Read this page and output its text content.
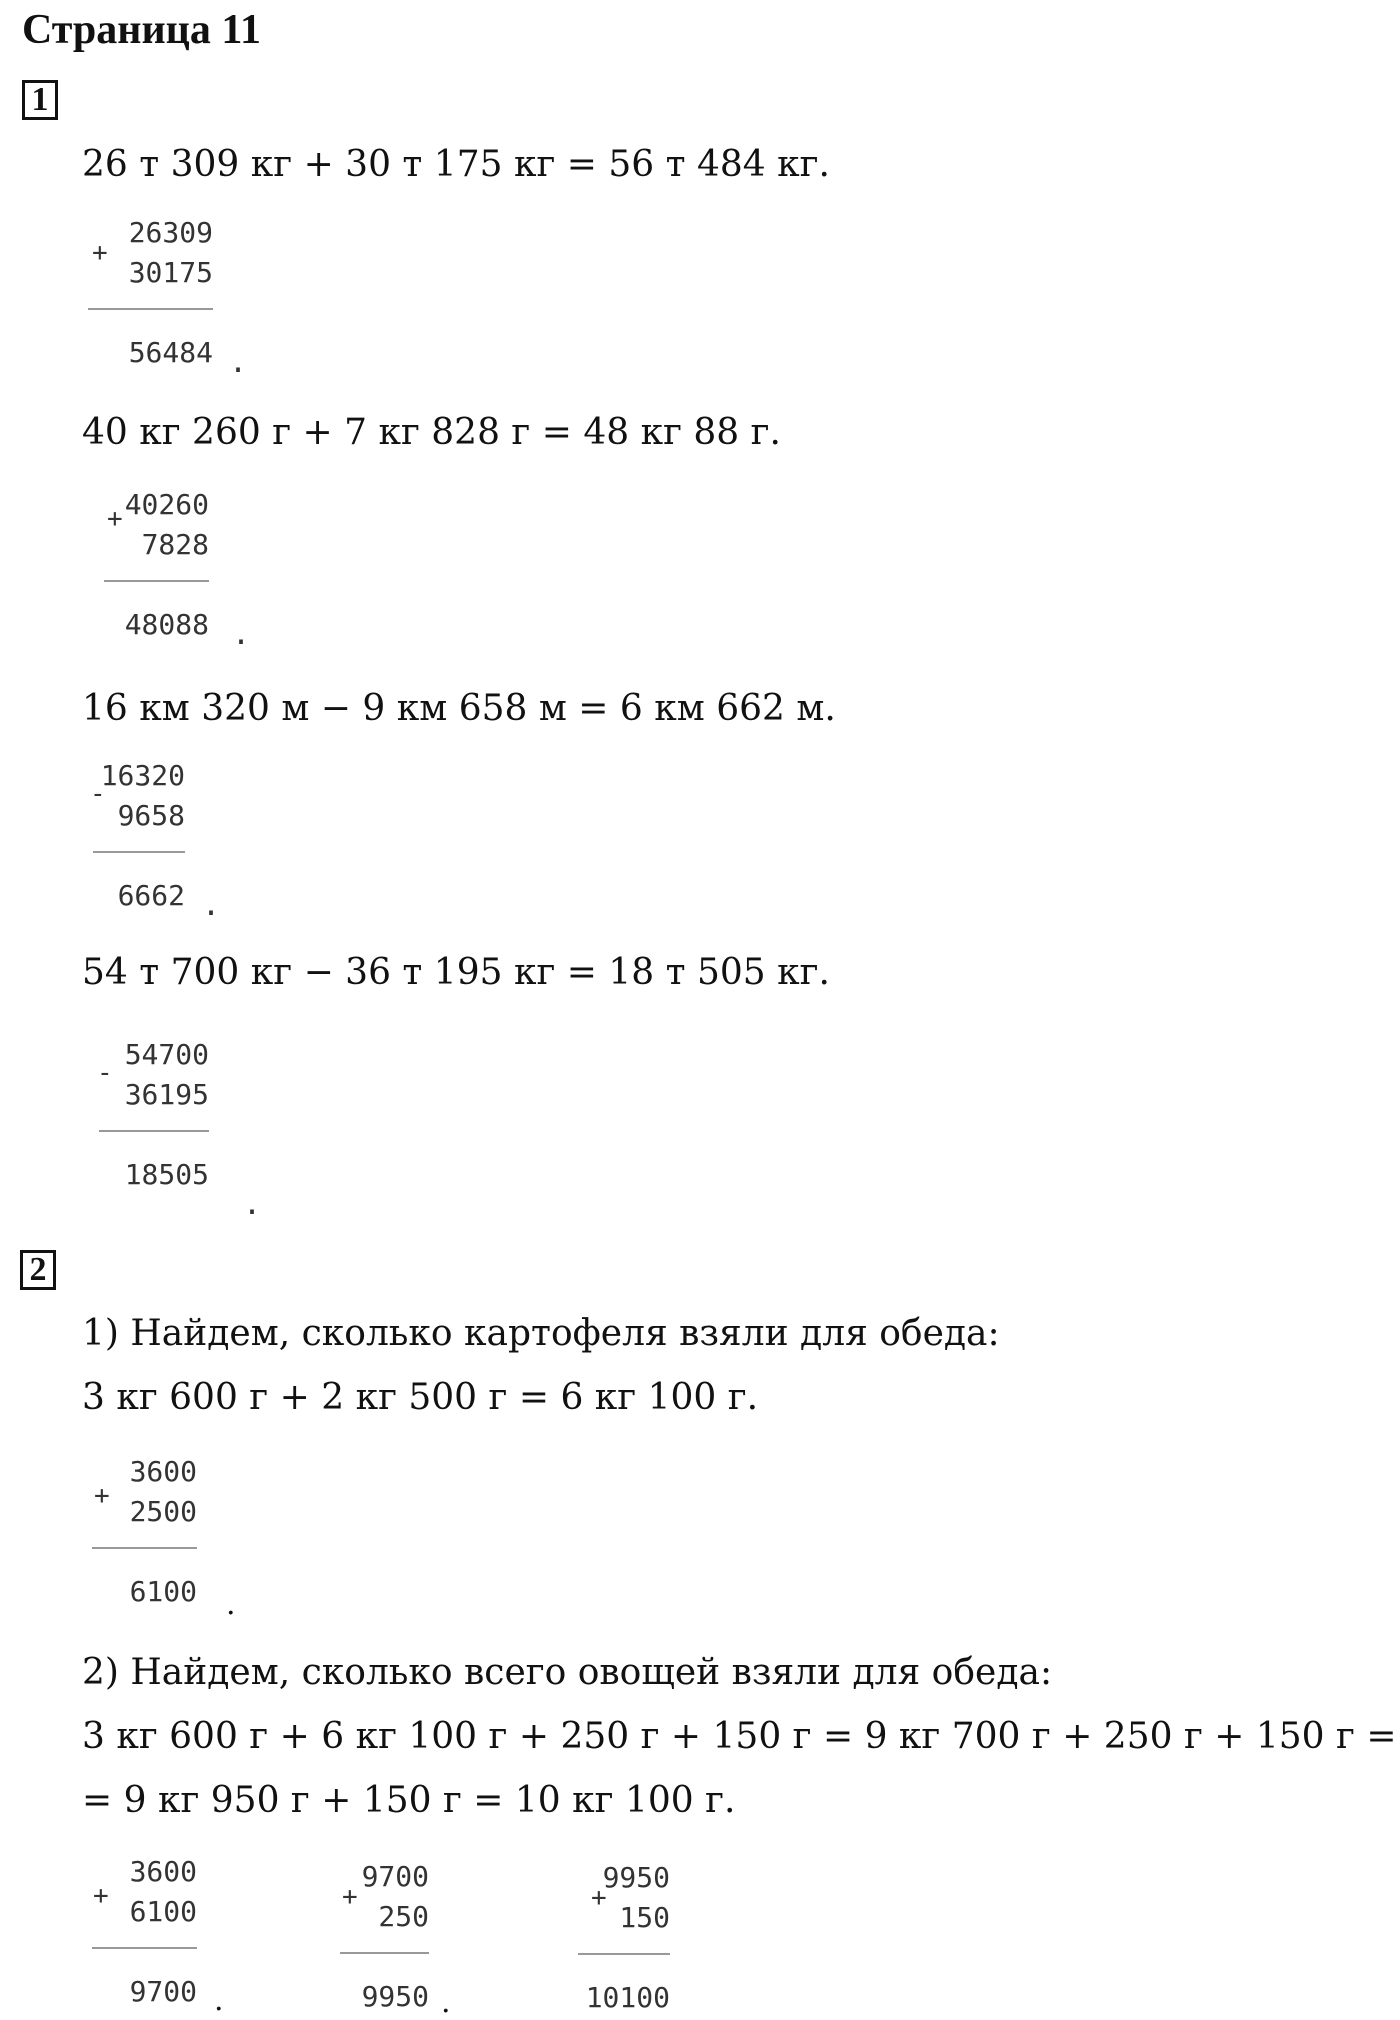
Страница 11
1
26 т 309 кг + 30 т 175 кг = 56 т 484 кг.
+
26309
30175
56484 .
40 кг 260 г + 7 кг 828 г = 48 кг 88 г.
+ 40260
7828
48088 .
16 км 320 м − 9 км 658 м = 6 км 662 м.
-
16320
9658
6662 .
54 т 700 кг − 36 т 195 кг = 18 т 505 кг.
-
54700
36195
18505
.
2
1) Найдем, сколько картофеля взяли для обеда:
3 кг 600 г + 2 кг 500 г = 6 кг 100 г.
+
3600
2500
6100 .
2) Найдем, сколько всего овощей взяли для обеда:
3 кг 600 г + 6 кг 100 г + 250 г + 150 г = 9 кг 700 г + 250 г + 150 г =
= 9 кг 950 г + 150 г = 10 кг 100 г.
+
3600
6100
9700 .
+
9700
250
9950 .
+
9950
150
10100
